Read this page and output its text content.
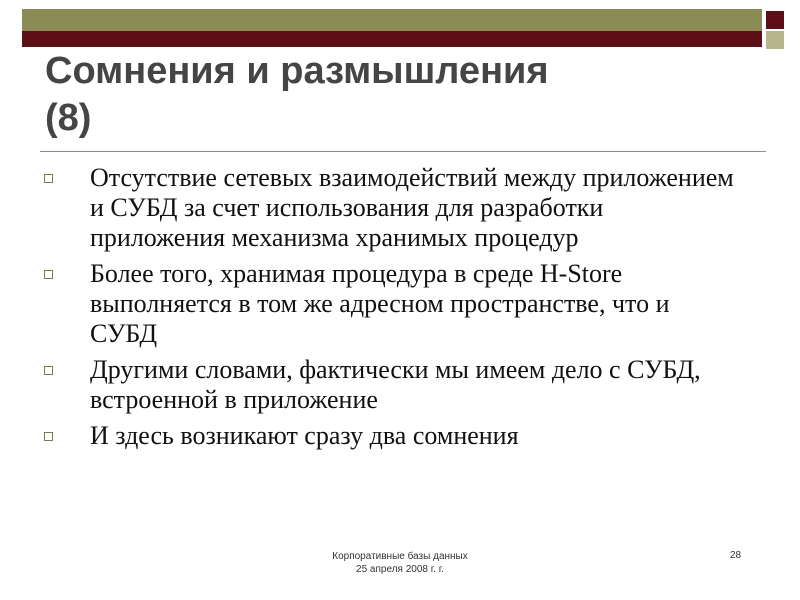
Сомнения и размышления
(8)
Отсутствие сетевых взаимодействий между приложением и СУБД за счет использования для разработки приложения механизма хранимых процедур
Более того, хранимая процедура в среде H-Store выполняется в том же адресном пространстве, что и СУБД
Другими словами, фактически мы имеем дело с СУБД, встроенной в приложение
И здесь возникают сразу два сомнения
Корпоративные базы данных
25 апреля 2008 г. г.
28
